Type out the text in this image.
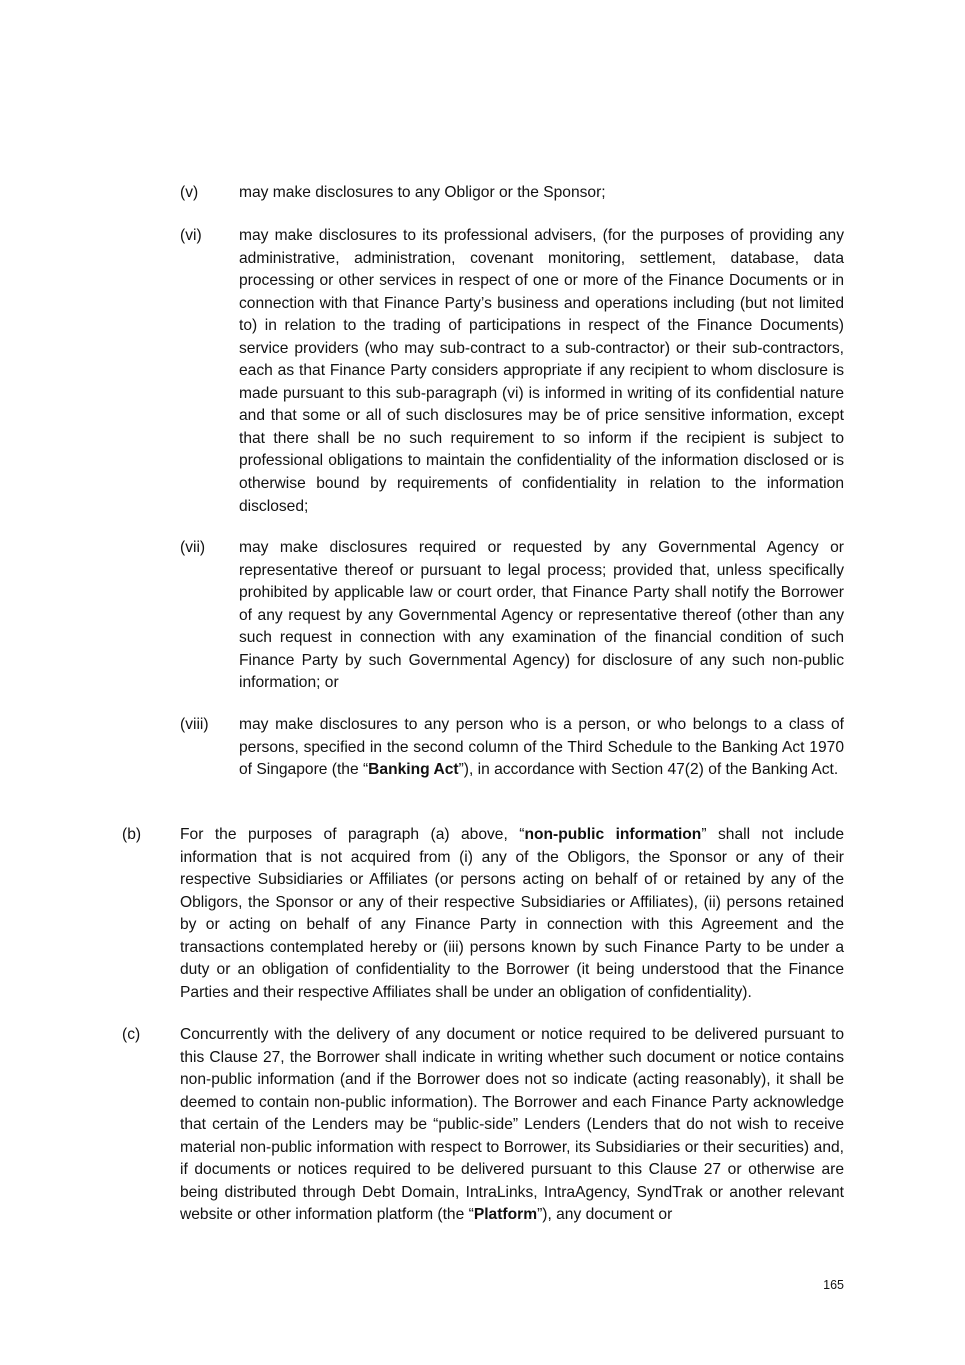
(v)	may make disclosures to any Obligor or the Sponsor;
(vi) may make disclosures to its professional advisers, (for the purposes of providing any administrative, administration, covenant monitoring, settlement, database, data processing or other services in respect of one or more of the Finance Documents or in connection with that Finance Party’s business and operations including (but not limited to) in relation to the trading of participations in respect of the Finance Documents) service providers (who may sub-contract to a sub-contractor) or their sub-contractors, each as that Finance Party considers appropriate if any recipient to whom disclosure is made pursuant to this sub-paragraph (vi) is informed in writing of its confidential nature and that some or all of such disclosures may be of price sensitive information, except that there shall be no such requirement to so inform if the recipient is subject to professional obligations to maintain the confidentiality of the information disclosed or is otherwise bound by requirements of confidentiality in relation to the information disclosed;
(vii) may make disclosures required or requested by any Governmental Agency or representative thereof or pursuant to legal process; provided that, unless specifically prohibited by applicable law or court order, that Finance Party shall notify the Borrower of any request by any Governmental Agency or representative thereof (other than any such request in connection with any examination of the financial condition of such Finance Party by such Governmental Agency) for disclosure of any such non-public information; or
(viii) may make disclosures to any person who is a person, or who belongs to a class of persons, specified in the second column of the Third Schedule to the Banking Act 1970 of Singapore (the “Banking Act”), in accordance with Section 47(2) of the Banking Act.
(b) For the purposes of paragraph (a) above, “non-public information” shall not include information that is not acquired from (i) any of the Obligors, the Sponsor or any of their respective Subsidiaries or Affiliates (or persons acting on behalf of or retained by any of the Obligors, the Sponsor or any of their respective Subsidiaries or Affiliates), (ii) persons retained by or acting on behalf of any Finance Party in connection with this Agreement and the transactions contemplated hereby or (iii) persons known by such Finance Party to be under a duty or an obligation of confidentiality to the Borrower (it being understood that the Finance Parties and their respective Affiliates shall be under an obligation of confidentiality).
(c)	Concurrently with the delivery of any document or notice required to be delivered pursuant to this Clause 27, the Borrower shall indicate in writing whether such document or notice contains non-public information (and if the Borrower does not so indicate (acting reasonably), it shall be deemed to contain non-public information). The Borrower and each Finance Party acknowledge that certain of the Lenders may be “public-side” Lenders (Lenders that do not wish to receive material non-public information with respect to Borrower, its Subsidiaries or their securities) and, if documents or notices required to be delivered pursuant to this Clause 27 or otherwise are being distributed through Debt Domain, IntraLinks, IntraAgency, SyndTrak or another relevant website or other information platform (the “Platform”), any document or
165
